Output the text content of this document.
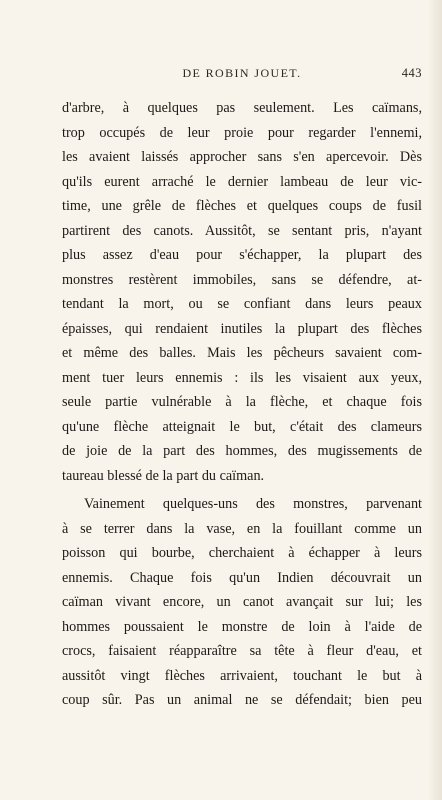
DE ROBIN JOUET.	443
d'arbre, à quelques pas seulement. Les caïmans,
trop occupés de leur proie pour regarder l'ennemi,
les avaient laissés approcher sans s'en apercevoir. Dès
qu'ils eurent arraché le dernier lambeau de leur vic-
time, une grêle de flèches et quelques coups de fusil
partirent des canots. Aussitôt, se sentant pris, n'ayant
plus assez d'eau pour s'échapper, la plupart des
monstres restèrent immobiles, sans se défendre, at-
tendant la mort, ou se confiant dans leurs peaux
épaisses, qui rendaient inutiles la plupart des flèches
et même des balles. Mais les pêcheurs savaient com-
ment tuer leurs ennemis : ils les visaient aux yeux,
seule partie vulnérable à la flèche, et chaque fois
qu'une flèche atteignait le but, c'était des clameurs
de joie de la part des hommes, des mugissements de
taureau blessé de la part du caïman.
Vainement quelques-uns des monstres, parvenant
à se terrer dans la vase, en la fouillant comme un
poisson qui bourbe, cherchaient à échapper à leurs
ennemis. Chaque fois qu'un Indien découvrait un
caïman vivant encore, un canot avançait sur lui; les
hommes poussaient le monstre de loin à l'aide de
crocs, faisaient réapparaître sa tête à fleur d'eau, et
aussitôt vingt flèches arrivaient, touchant le but à
coup sûr. Pas un animal ne se défendait; bien peu
